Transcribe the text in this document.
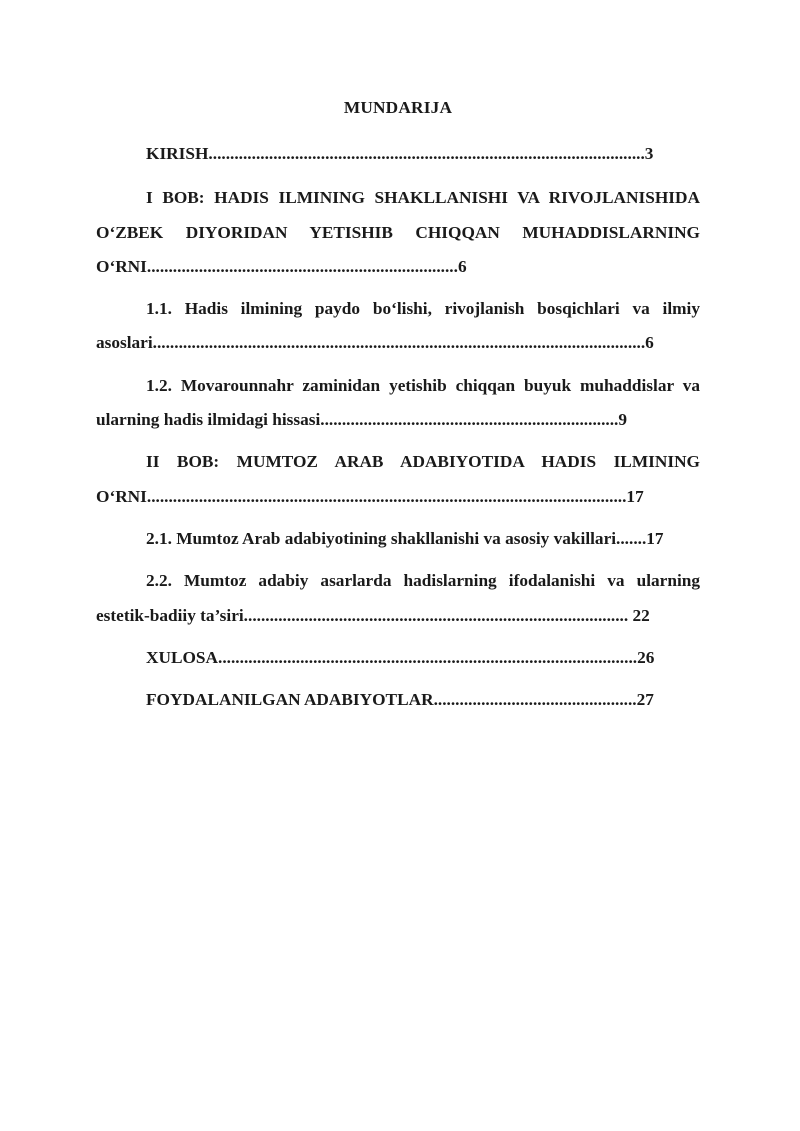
MUNDARIJA
KIRISH.....................................................................................................3
I BOB: HADIS ILMINING SHAKLLANISHI VA RIVOJLANISHIDA O‘ZBEK DIYORIDAN YETISHIB CHIQQAN MUHADDISLARNING O‘RNI........................................................................6
1.1. Hadis ilmining paydo bo‘lishi, rivojlanish bosqichlari va ilmiy asoslari..................................................................................................................6
1.2. Movarounnahr zaminidan yetishib chiqqan buyuk muhaddislar va ularning hadis ilmidagi hissasi.....................................................................9
II BOB: MUMTOZ ARAB ADABIYOTIDA HADIS ILMINING O‘RNI...............................................................................................................17
2.1. Mumtoz Arab adabiyotining shakllanishi va asosiy vakillari.......17
2.2. Mumtoz adabiy asarlarda hadislarning ifodalanishi va ularning estetik-badiiy ta’siri......................................................................................... 22
XULOSA.................................................................................................26
FOYDALANILGAN ADABIYOTLAR...............................................27
